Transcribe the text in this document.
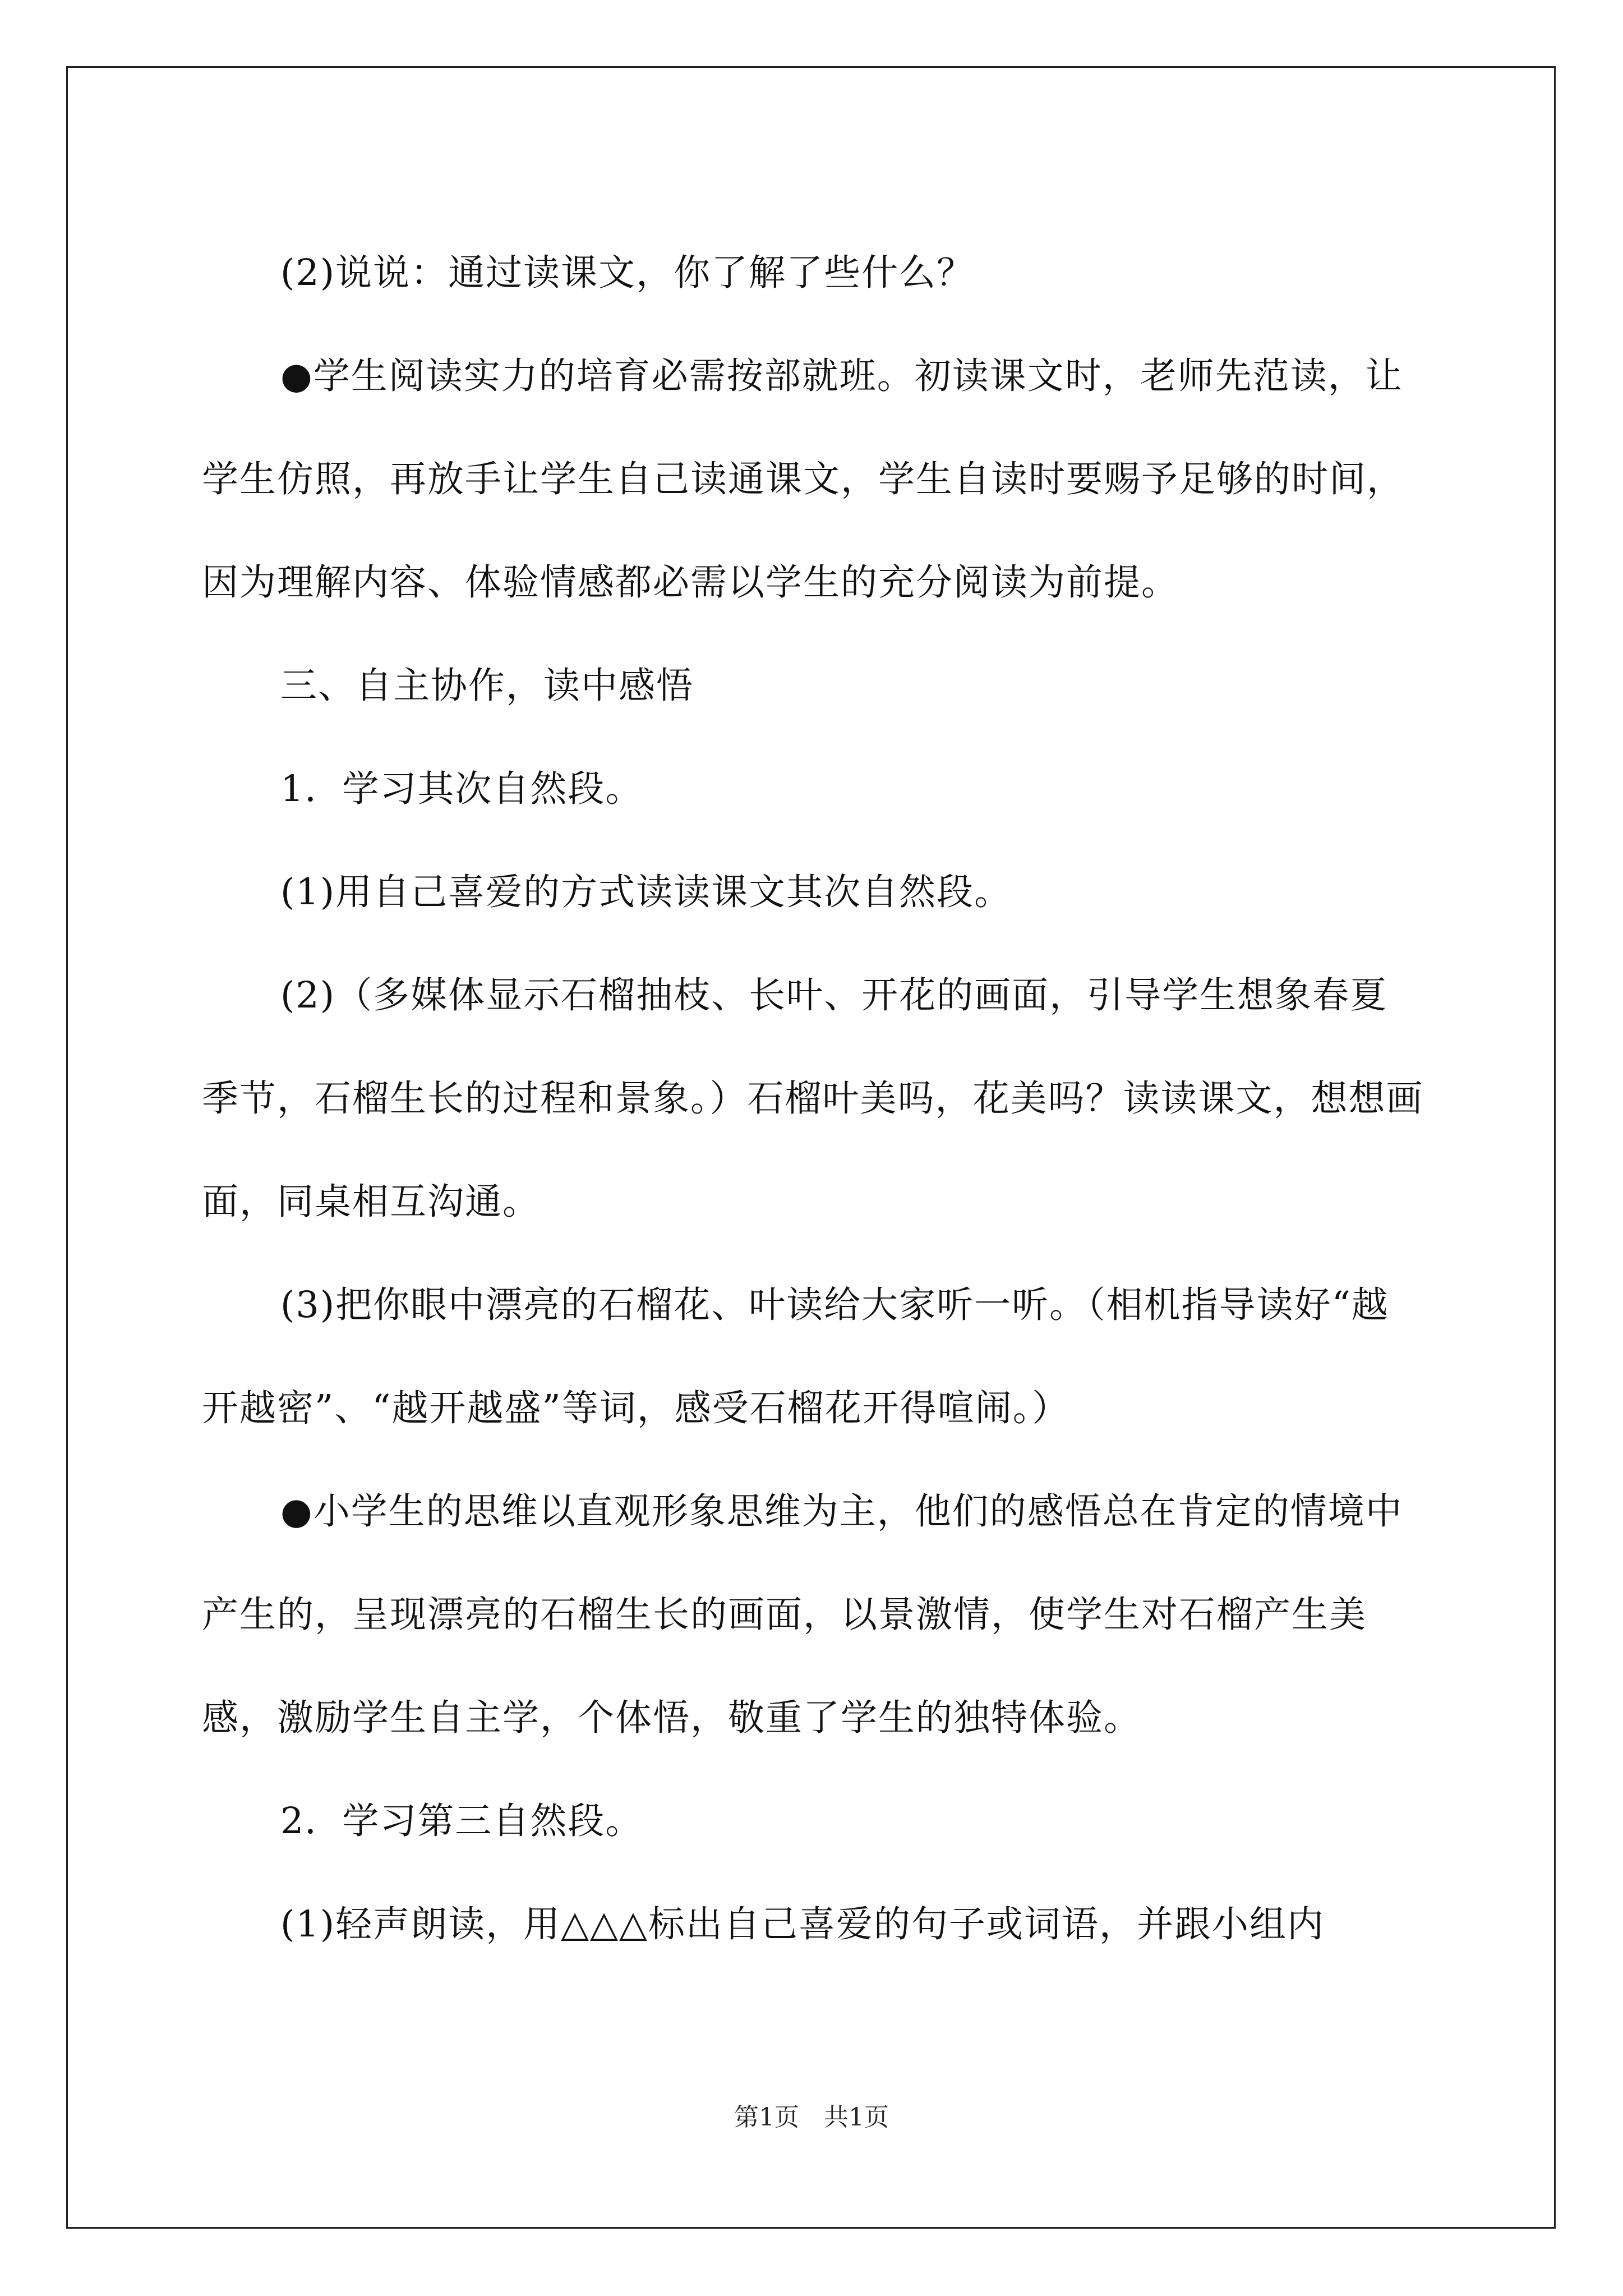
(2)说说：通过读课文，你了解了些什么？

●学生阅读实力的培育必需按部就班。初读课文时，老师先范读，让学生仿照，再放手让学生自己读通课文，学生自读时要赐予足够的时间，因为理解内容、体验情感都必需以学生的充分阅读为前提。

三、自主协作，读中感悟

1．学习其次自然段。

(1)用自己喜爱的方式读读课文其次自然段。

(2)（多媒体显示石榴抽枝、长叶、开花的画面，引导学生想象春夏季节，石榴生长的过程和景象。）石榴叶美吗，花美吗？读读课文，想想画面，同桌相互沟通。

(3)把你眼中漂亮的石榴花、叶读给大家听一听。（相机指导读好“越开越密”、“越开越盛”等词，感受石榴花开得喧闹。）

●小学生的思维以直观形象思维为主，他们的感悟总在肯定的情境中产生的，呈现漂亮的石榴生长的画面，以景激情，使学生对石榴产生美感，激励学生自主学，个体悟，敬重了学生的独特体验。

2．学习第三自然段。

(1)轻声朗读，用△△△标出自己喜爱的句子或词语，并跟小组内

第1页　共1页
